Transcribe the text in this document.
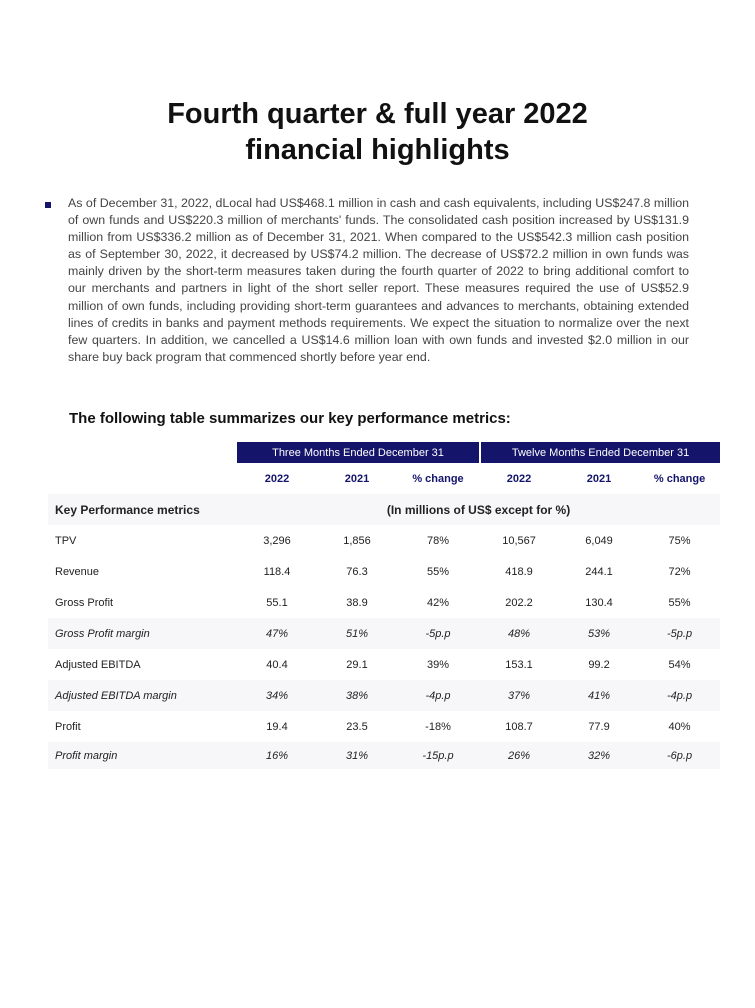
Fourth quarter & full year 2022
financial highlights
As of December 31, 2022, dLocal had US$468.1 million in cash and cash equivalents, including US$247.8 million of own funds and US$220.3 million of merchants' funds. The consolidated cash position increased by US$131.9 million from US$336.2 million as of December 31, 2021. When compared to the US$542.3 million cash position as of September 30, 2022, it decreased by US$74.2 million. The decrease of US$72.2 million in own funds was mainly driven by the short-term measures taken during the fourth quarter of 2022 to bring additional comfort to our merchants and partners in light of the short seller report. These measures required the use of US$52.9 million of own funds, including providing short-term guarantees and advances to merchants, obtaining extended lines of credits in banks and payment methods requirements. We expect the situation to normalize over the next few quarters. In addition, we cancelled a US$14.6 million loan with own funds and invested $2.0 million in our share buy back program that commenced shortly before year end.
The following table summarizes our key performance metrics:
	Three Months Ended December 31			Twelve Months Ended December 31		
	2022	2021	% change	2022	2021	% change
Key Performance metrics	(In millions of US$ except for %)					
TPV	3,296	1,856	78%	10,567	6,049	75%
Revenue	118.4	76.3	55%	418.9	244.1	72%
Gross Profit	55.1	38.9	42%	202.2	130.4	55%
Gross Profit margin	47%	51%	-5p.p	48%	53%	-5p.p
Adjusted EBITDA	40.4	29.1	39%	153.1	99.2	54%
Adjusted EBITDA margin	34%	38%	-4p.p	37%	41%	-4p.p
Profit	19.4	23.5	-18%	108.7	77.9	40%
Profit margin	16%	31%	-15p.p	26%	32%	-6p.p
